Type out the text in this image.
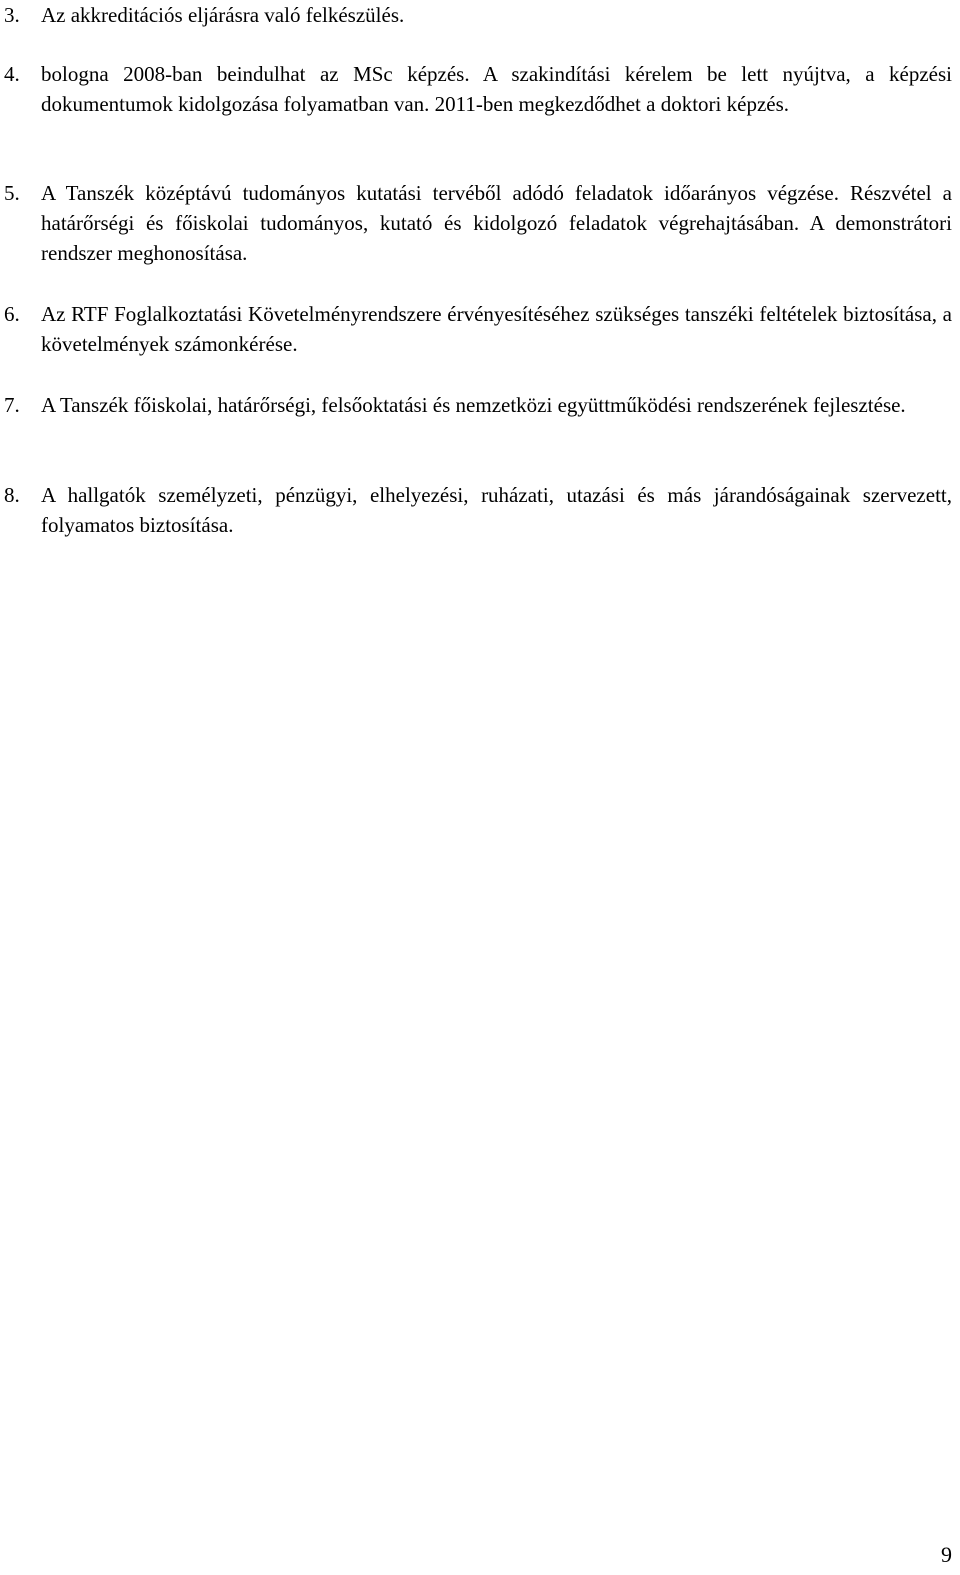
3.	Az akkreditációs eljárásra való felkészülés.
4.	bologna 2008-ban beindulhat az MSc képzés. A szakindítási kérelem be lett nyújtva, a képzési dokumentumok kidolgozása folyamatban van. 2011-ben megkezdődhet a doktori képzés.
5.	A Tanszék középtávú tudományos kutatási tervéből adódó feladatok időarányos végzése. Részvétel a határőrségi és főiskolai tudományos, kutató és kidolgozó feladatok végrehajtásában. A demonstrátori rendszer meghonosítása.
6.	Az RTF Foglalkoztatási Követelményrendszere érvényesítéséhez szükséges tanszéki feltételek biztosítása, a követelmények számonkérése.
7.	A Tanszék főiskolai, határőrségi, felsőoktatási és nemzetközi együttműködési rendszerének fejlesztése.
8.	A hallgatók személyzeti, pénzügyi, elhelyezési, ruházati, utazási és más járandóságainak szervezett, folyamatos biztosítása.
9
